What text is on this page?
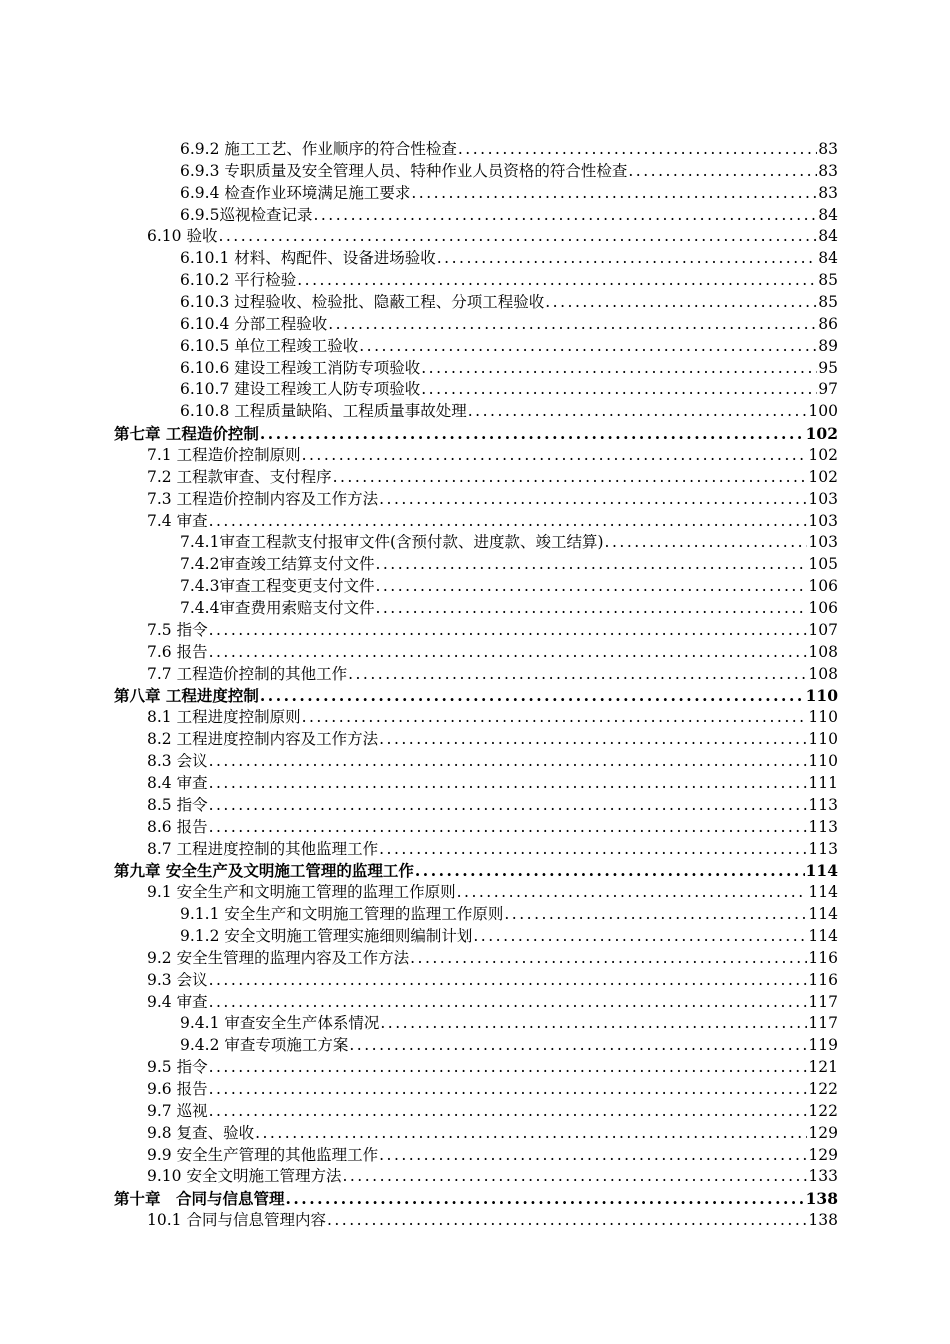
6.9.2 施工工艺、作业顺序的符合性检查 .....	83
6.9.3 专职质量及安全管理人员、特种作业人员资格的符合性检查 .....	83
6.9.4 检查作业环境满足施工要求 .....	83
6.9.5巡视检查记录 .....	84
6.10 验收 .....	84
6.10.1 材料、构配件、设备进场验收 .....	84
6.10.2 平行检验 .....	85
6.10.3 过程验收、检验批、隐蔽工程、分项工程验收 .....	85
6.10.4 分部工程验收 .....	86
6.10.5 单位工程竣工验收 .....	89
6.10.6 建设工程竣工消防专项验收 .....	95
6.10.7 建设工程竣工人防专项验收 .....	97
6.10.8 工程质量缺陷、工程质量事故处理 .....	100
第七章 工程造价控制 .....	102
7.1 工程造价控制原则 .....	102
7.2 工程款审查、支付程序 .....	102
7.3 工程造价控制内容及工作方法 .....	103
7.4 审查 .....	103
7.4.1审查工程款支付报审文件(含预付款、进度款、竣工结算) .....	103
7.4.2审查竣工结算支付文件 .....	105
7.4.3审查工程变更支付文件 .....	106
7.4.4审查费用索赔支付文件 .....	106
7.5 指令 .....	107
7.6 报告 .....	108
7.7 工程造价控制的其他工作 .....	108
第八章 工程进度控制 .....	110
8.1 工程进度控制原则 .....	110
8.2 工程进度控制内容及工作方法 .....	110
8.3 会议 .....	110
8.4 审查 .....	111
8.5 指令 .....	113
8.6 报告 .....	113
8.7 工程进度控制的其他监理工作 .....	113
第九章 安全生产及文明施工管理的监理工作 .....	114
9.1 安全生产和文明施工管理的监理工作原则 .....	114
9.1.1 安全生产和文明施工管理的监理工作原则 .....	114
9.1.2 安全文明施工管理实施细则编制计划 .....	114
9.2 安全生管理的监理内容及工作方法 .....	116
9.3 会议 .....	116
9.4 审查 .....	117
9.4.1 审查安全生产体系情况 .....	117
9.4.2 审查专项施工方案 .....	119
9.5 指令 .....	121
9.6 报告 .....	122
9.7 巡视 .....	122
9.8 复查、验收 .....	129
9.9 安全生产管理的其他监理工作 .....	129
9.10 安全文明施工管理方法 .....	133
第十章　合同与信息管理 .....	138
10.1 合同与信息管理内容 .....	138
